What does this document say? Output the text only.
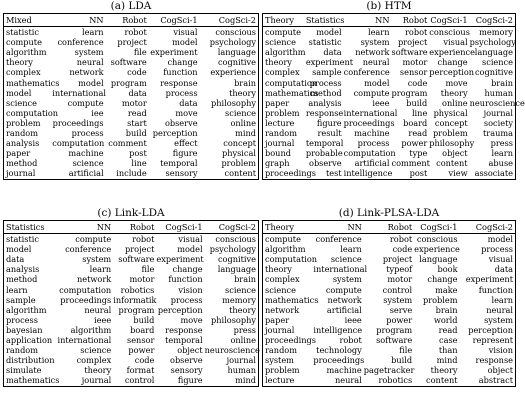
(a) LDA
Mixed	NN	Robot	CogSci-1	CogSci-2
statistic	learn	robot	visual	conscious
compute	conference	project	model	psychology
algorithm	system	file	experiment	language
theory	neural	software	change	cognitive
complex	network	code	function	experience
mathematics	model	program	response	brain
model	international	data	process	theory
science	compute	motor	data	philosophy
computation	iee	read	move	science
problem	proceedings	start	observe	online
random	process	build	perception	mind
analysis	computation	comment	effect	concept
paper	machine	post	figure	physical
method	science	line	temporal	problem
journal	artificial	include	sensory	content
(b) HTM
Theory	Statistics	NN	Robot	CogSci-1	CogSci-2
compute	model	learn	robot	conscious	memory
science	statistic	system	project	visual	psychology
algorithm	data	network	software	experience	language
theory	experiment	neural	motor	change	science
complex	sample	conference	sensor	perception	cognitive
computation	process	model	code	move	brain
mathematics	method	compute	program	theory	human
paper	analysis	ieee	build	online	neuroscience
problem	response	international	line	physical	journal
lecture	figure	proceedings	board	concept	society
random	result	machine	read	problem	trauma
journal	temporal	process	power	philosophy	press
bound	probable	computation	type	object	learn
graph	observe	artificial	comment	content	abuse
proceedings	test	intelligence	post	view	associate
(c) Link-LDA
Statistics	NN	Robot	CogSci-1	CogSci-2
statistic	compute	robot	visual	conscious
model	conference	project	model	psychology
data	system	software	experiment	cognitive
analysis	learn	file	change	language
method	network	motor	function	brain
learn	computation	robotics	vision	science
sample	proceedings	informatik	process	memory
algorithm	neural	program	perception	theory
process	ieee	build	move	philosophy
bayesian	algorithm	board	response	press
application	international	sensor	temporal	online
random	science	power	object	neuroscience
distribution	complex	code	observe	journal
simulate	theory	format	sensory	human
mathematics	journal	control	figure	mind
(d) Link-PLSA-LDA
Theory	NN	Robot	CogSci-1	CogSci-2
compute	conference	robot	conscious	model
algorithm	learn	code	experience	process
computation	science	project	language	visual
theory	international	typeof	book	data
complex	system	motor	change	experiment
science	compute	control	make	function
mathematics	network	system	problem	learn
network	artificial	serve	brain	neural
paper	ieee	power	world	system
journal	intelligence	program	read	perception
proceedings	robot	software	case	represent
random	technology	file	than	vision
system	proceedings	build	mind	response
problem	machine	pagetracker	theory	object
lecture	neural	robotics	content	abstract
